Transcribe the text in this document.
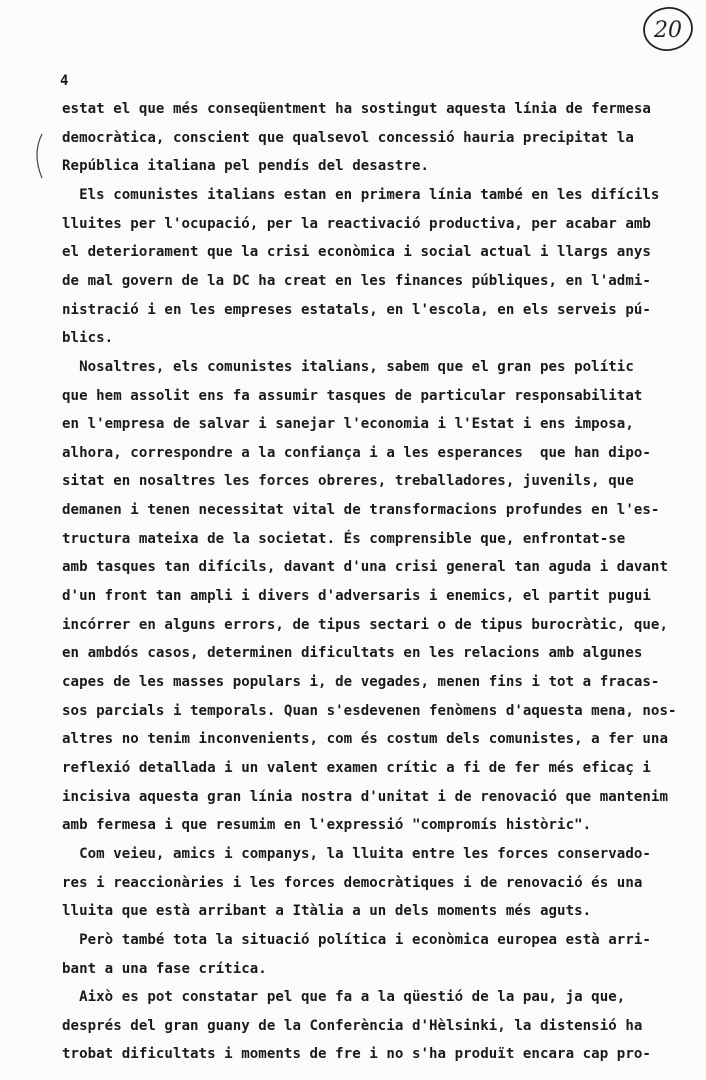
20
4
estat el que més conseqüentment ha sostingut aquesta línia de fermesa
democràtica, conscient que qualsevol concessió hauria precipitat la
República italiana pel pendís del desastre.
Els comunistes italians estan en primera línia també en les difícils
lluites per l'ocupació, per la reactivació productiva, per acabar amb
el deteriorament que la crisi econòmica i social actual i llargs anys
de mal govern de la DC ha creat en les finances públiques, en l'admi-
nistració i en les empreses estatals, en l'escola, en els serveis pú-
blics.
Nosaltres, els comunistes italians, sabem que el gran pes polític
que hem assolit ens fa assumir tasques de particular responsabilitat
en l'empresa de salvar i sanejar l'economia i l'Estat i ens imposa,
alhora, correspondre a la confiança i a les esperances  que han dipo-
sitat en nosaltres les forces obreres, treballadores, juvenils, que
demanen i tenen necessitat vital de transformacions profundes en l'es-
tructura mateixa de la societat. És comprensible que, enfrontat-se
amb tasques tan difícils, davant d'una crisi general tan aguda i davant
d'un front tan ampli i divers d'adversaris i enemics, el partit pugui
incórrer en alguns errors, de tipus sectari o de tipus burocràtic, que,
en ambdós casos, determinen dificultats en les relacions amb algunes
capes de les masses populars i, de vegades, menen fins i tot a fracas-
sos parcials i temporals. Quan s'esdevenen fenòmens d'aquesta mena, nos-
altres no tenim inconvenients, com és costum dels comunistes, a fer una
reflexió detallada i un valent examen crític a fi de fer més eficaç i
incisiva aquesta gran línia nostra d'unitat i de renovació que mantenim
amb fermesa i que resumim en l'expressió "compromís històric".
Com veieu, amics i companys, la lluita entre les forces conservado-
res i reaccionàries i les forces democràtiques i de renovació és una
lluita que està arribant a Itàlia a un dels moments més aguts.
Però també tota la situació política i econòmica europea està arri-
bant a una fase crítica.
Això es pot constatar pel que fa a la qüestió de la pau, ja que,
després del gran guany de la Conferència d'Hèlsinki, la distensió ha
trobat dificultats i moments de fre i no s'ha produït encara cap pro-
